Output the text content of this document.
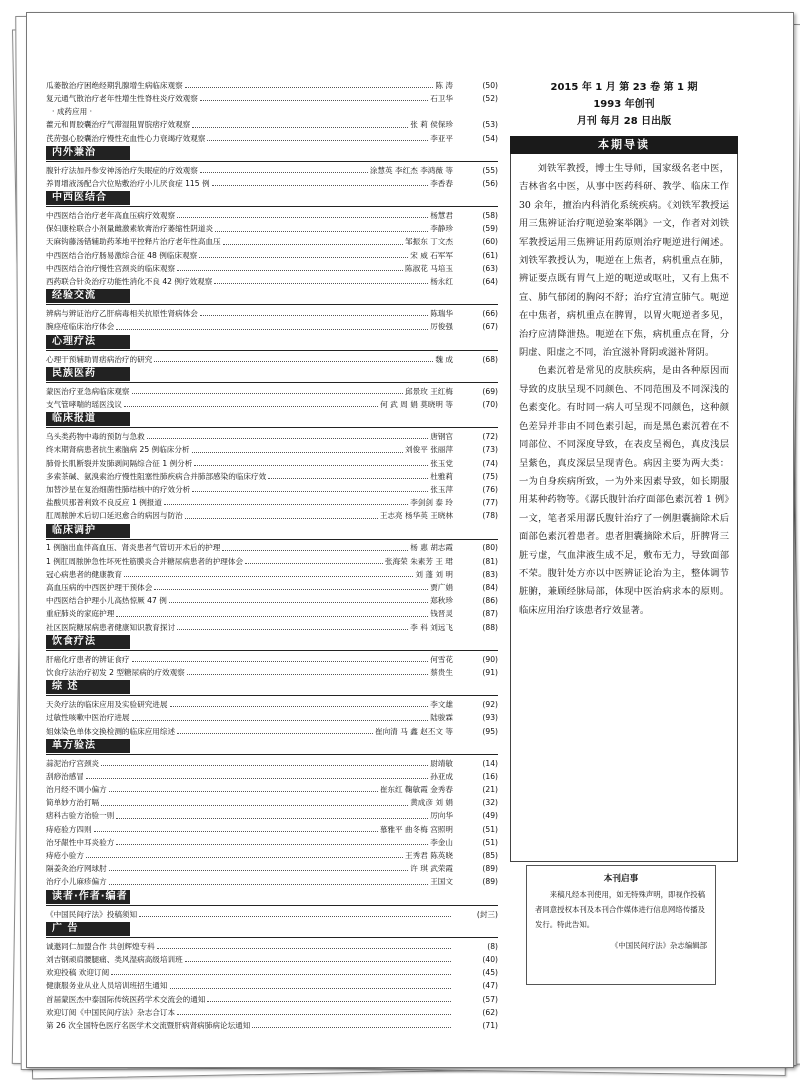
瓜蒌散治疗困绝经期乳腺增生病临床观察	陈 涛	(50)
复元通气散治疗老年性增生性脊柱炎疗效观察	石卫华	(52)
· 成药应用 ·
藿元和胃胶囊治疗气滞湿阻胃脘痞疗效观察	张 莉 侯保珍	(53)
芪苈强心胶囊治疗慢性充血性心力衰竭疗效观察	李亚平	(54)
内外兼治
腹针疗法加丹参安神汤治疗失眠症的疗效观察	涂慧英 李红杰 李鸿薇 等	(55)
养胃增液汤配合穴位贴敷治疗小儿厌食症 115 例	李香春	(56)
中西医结合
中西医结合治疗老年高血压病疗效观察	杨慧君	(58)
保妇康栓联合小剂量雌激素软膏治疗萎缩性阴道炎	李静珍	(59)
天麻钩藤汤错辅助药苯地平控释片治疗老年性高血压	邹振东 丁文杰	(60)
中西医结合治疗肠易激综合征 48 例临床观察	宋 威 石军军	(61)
中西医结合治疗慢性宫颈炎的临床观察	陈淑花 马培玉	(63)
西药联合针灸治疗功能性消化不良 42 例疗效观察	杨永红	(64)
经验交流
辨病与辨证治疗乙肝病毒相关抗原性肾病体会	陈瑞华	(66)
腕痉疮临床治疗体会	厉俊强	(67)
心理疗法
心理干预辅助胃痞病治疗的研究	魏 成	(68)
民族医药
蒙医治疗亚急病临床观察	邱景玫 王红梅	(69)
支气管哮喘的瑶医浅议	何 武 周 娟 莫晓明 等	(70)
临床报道
乌头类药物中毒的预防与急救	唐钢官	(72)
终末期肾病患者抗生素脑病 25 例临床分析	刘俊平 张丽萍	(73)
肺骨长肌断裂并发肺剥间隔综合征 1 例分析	张玉党	(74)
多索茶碱、氨溴索治疗慢性阻塞性肺疾病合并肺部感染的临床疗效	杜雅莉	(75)
加替沙星在复治细菌性肺结核中的疗效分析	张玉萍	(76)
盐酸贝那普利致不良反应 1 例报道	李剑剑 泰 玲	(77)
肛周脓肿术后切口延迟愈合的病因与防治	王志亮 杨华英 王晓林	(78)
临床调护
1 例脑出血伴高血压、肾炎患者气管切开术后的护理	杨 惠 胡志霞	(80)
1 例肛周脓肿急性坏死性筋膜炎合并糖尿病患者的护理体会	张海荣 朱素芳 王 珺	(81)
冠心病患者的健康教育	刘 蓬 刘 明	(83)
高血压病的中西医护理干预体会	贾广娟	(84)
中西医结合护理小儿高热惊厥 47 例	郑秋珍	(86)
重症肺炎的家庭护理	钱晋灵	(87)
社区医院糖尿病患者健康知识教育探讨	李 科 刘远飞	(88)
饮食疗法
肝癌化疗患者的辨证食疗	何雪花	(90)
饮食疗法治疗初发 2 型糖尿病的疗效观察	蔡贵生	(91)
综 述
天灸疗法的临床应用及实验研究进展	李文雄	(92)
过敏性咳嗽中医治疗进展	陆骏霖	(93)
姐妹染色单体交换检测的临床应用综述	崔向清 马 鑫 赵丕文 等	(95)
单方验法
蒜泥治疗宫颈炎	尉靖敏	(14)
刮痧治感冒	孙亚成	(16)
治月经不调小偏方	崔东红 鞠敏霞 金秀春	(21)
简单妙方治打嗝	黄成彦 刘 娟	(32)
痞科古验方治验一则	厉向华	(49)
痔疮验方四则	慕雅平 曲冬梅 宫照明	(51)
治牙龈性中耳炎验方	李金山	(51)
痔疮小验方	王秀君 陈英晓	(85)
隔姜灸治疗网球肘	许 琪 武荣霞	(89)
治疗小儿麻疹偏方	王国文	(89)
读者·作者·编者
《中国民间疗法》投稿须知	(封三)
广 告
诚邀同仁加盟合作 共创辉煌专科	(8)
刘吉钢顽肩腰腿痛、类风湿病高级培训班	(40)
欢迎投稿 欢迎订阅	(45)
健康服务业从业人员培训班招生通知	(47)
首届蒙医杰中泰国际传统医药学术交流会的通知	(57)
欢迎订阅《中国民间疗法》杂志合订本	(62)
第 26 次全国特色医疗名医学术交流暨肝病肾病肺病论坛通知	(71)
2015 年 1 月 第 23 卷 第 1 期
1993 年创刊
月刊 每月 28 日出版
本期导读

刘铁军教授，博士生导师，国家级名老中医，吉林省名中医，从事中医药科研、教学、临床工作 30 余年，擅治内科消化系统疾病。《刘铁军教授运用三焦辨证治疗呃逆验案举隅》一文，作者对刘铁军教授运用三焦辨证用药原则治疗呃逆进行阐述。刘铁军教授认为，呃逆在上焦者，病机重点在肺，辨证要点既有胃气上逆的呃逆或呕吐，又有上焦不宣、肺气郁闭的胸闷不舒；治疗宜清宣肺气。呃逆在中焦者，病机重点在脾胃，以胃火呃逆者多见，治疗应清降泄热。呃逆在下焦，病机重点在肾，分阴虚、阳虚之不同，治宜滋补肾阴或滋补肾阴。

色素沉着是常见的皮肤疾病，是由各种原因而导致的皮肤呈现不同颜色、不同范围及不同深浅的色素变化。有时同一病人可呈现不同颜色，这种颜色差异并非由不同色素引起，而是黑色素沉着在不同部位、不同深度导致，在表皮呈褐色，真皮浅层呈紫色，真皮深层呈现青色。病因主要为两大类：一为自身疾病所致，一为外来因素导致，如长期服用某种药物等。《潺氏腹针治疗面部色素沉着 1 例》一文，笔者采用潺氏腹针治疗了一例胆囊摘除术后面部色素沉着患者。患者胆囊摘除术后，肝脾肾三脏亏虚，气血津液生成不足，敷布无力，导致面部不荣。腹针处方亦以中医辨证论治为主，整体调节脏腑，兼顾经脉局部，体现中医治病求本的原则。临床应用治疗该患者疗效显著。

本刊启事

来稿凡经本刊使用，如无特殊声明，即视作投稿者同意授权本刊及本刊合作媒体进行信息网络传播及发行。特此告知。

《中国民间疗法》杂志编辑部
